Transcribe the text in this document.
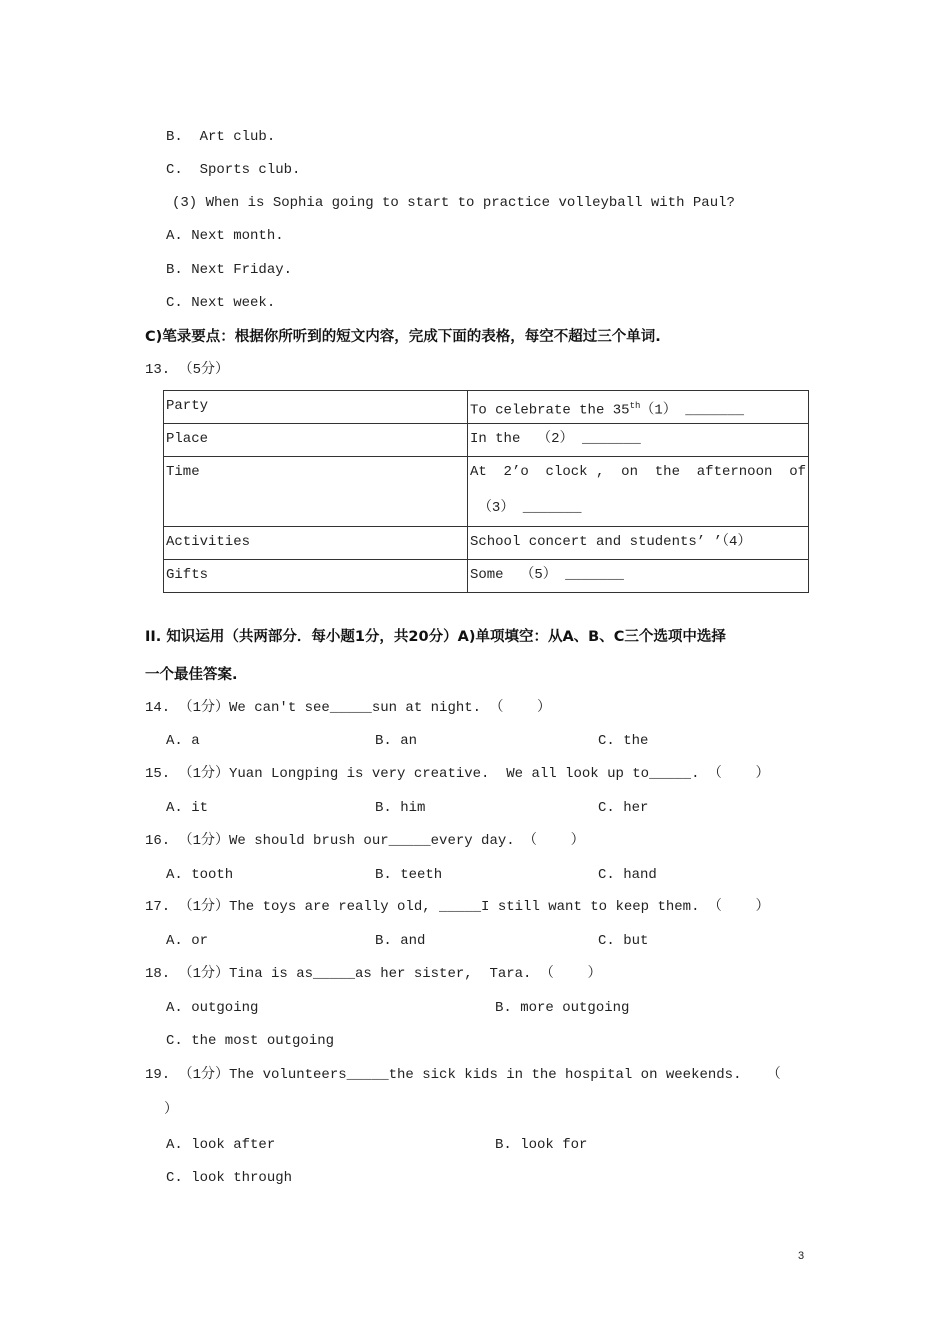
B.  Art club.
C.  Sports club.
(3) When is Sophia going to start to practice volleyball with Paul?
A. Next month.
B. Next Friday.
C. Next week.
C)笔录要点：根据你所听到的短文内容，完成下面的表格，每空不超过三个单词.
13. （5分）
Party	To celebrate the 35th（1） _______
Place	In the  （2） _______
Time	At  2’o  clock ,  on  the  afternoon  of
（3） _______

Activities	School concert and students’ ’（4）
Gifts	Some  （5） _______
II. 知识运用（共两部分．每小题1分，共20分）A)单项填空：从A、B、C三个选项中选择
一个最佳答案.
14. （1分）We can't see_____sun at night. （    ）
A. a	B. an	C. the
15. （1分）Yuan Longping is very creative.  We all look up to_____. （    ）
A. it	B. him	C. her
16. （1分）We should brush our_____every day. （    ）
A. tooth	B. teeth	C. hand
17. （1分）The toys are really old, _____I still want to keep them. （    ）
A. or	B. and	C. but
18. （1分）Tina is as_____as her sister,  Tara. （    ）
A. outgoing	B. more outgoing
C. the most outgoing
19. （1分）The volunteers_____the sick kids in the hospital on weekends.   （
）
A. look after	B. look for
C. look through
3
